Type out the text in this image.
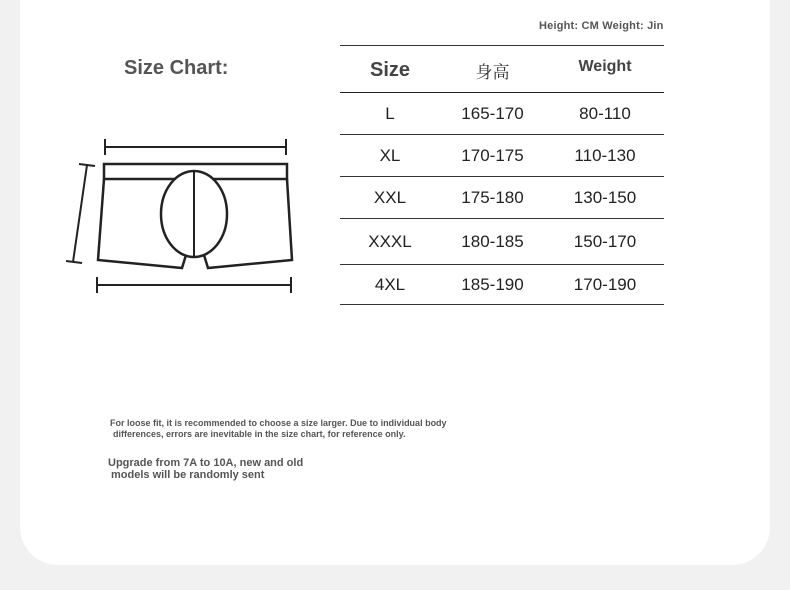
Height: CM Weight: Jin
Size Chart:	Size	身高	Weight
L	165-170	80-110
XL	170-175	110-130
XXL	175-180	130-150
XXXL	180-185	150-170
4XL	185-190	170-190
For loose fit, it is recommended to choose a size larger. Due to individual body
differences, errors are inevitable in the size chart, for reference only.
Upgrade from 7A to 10A, new and old
models will be randomly sent
